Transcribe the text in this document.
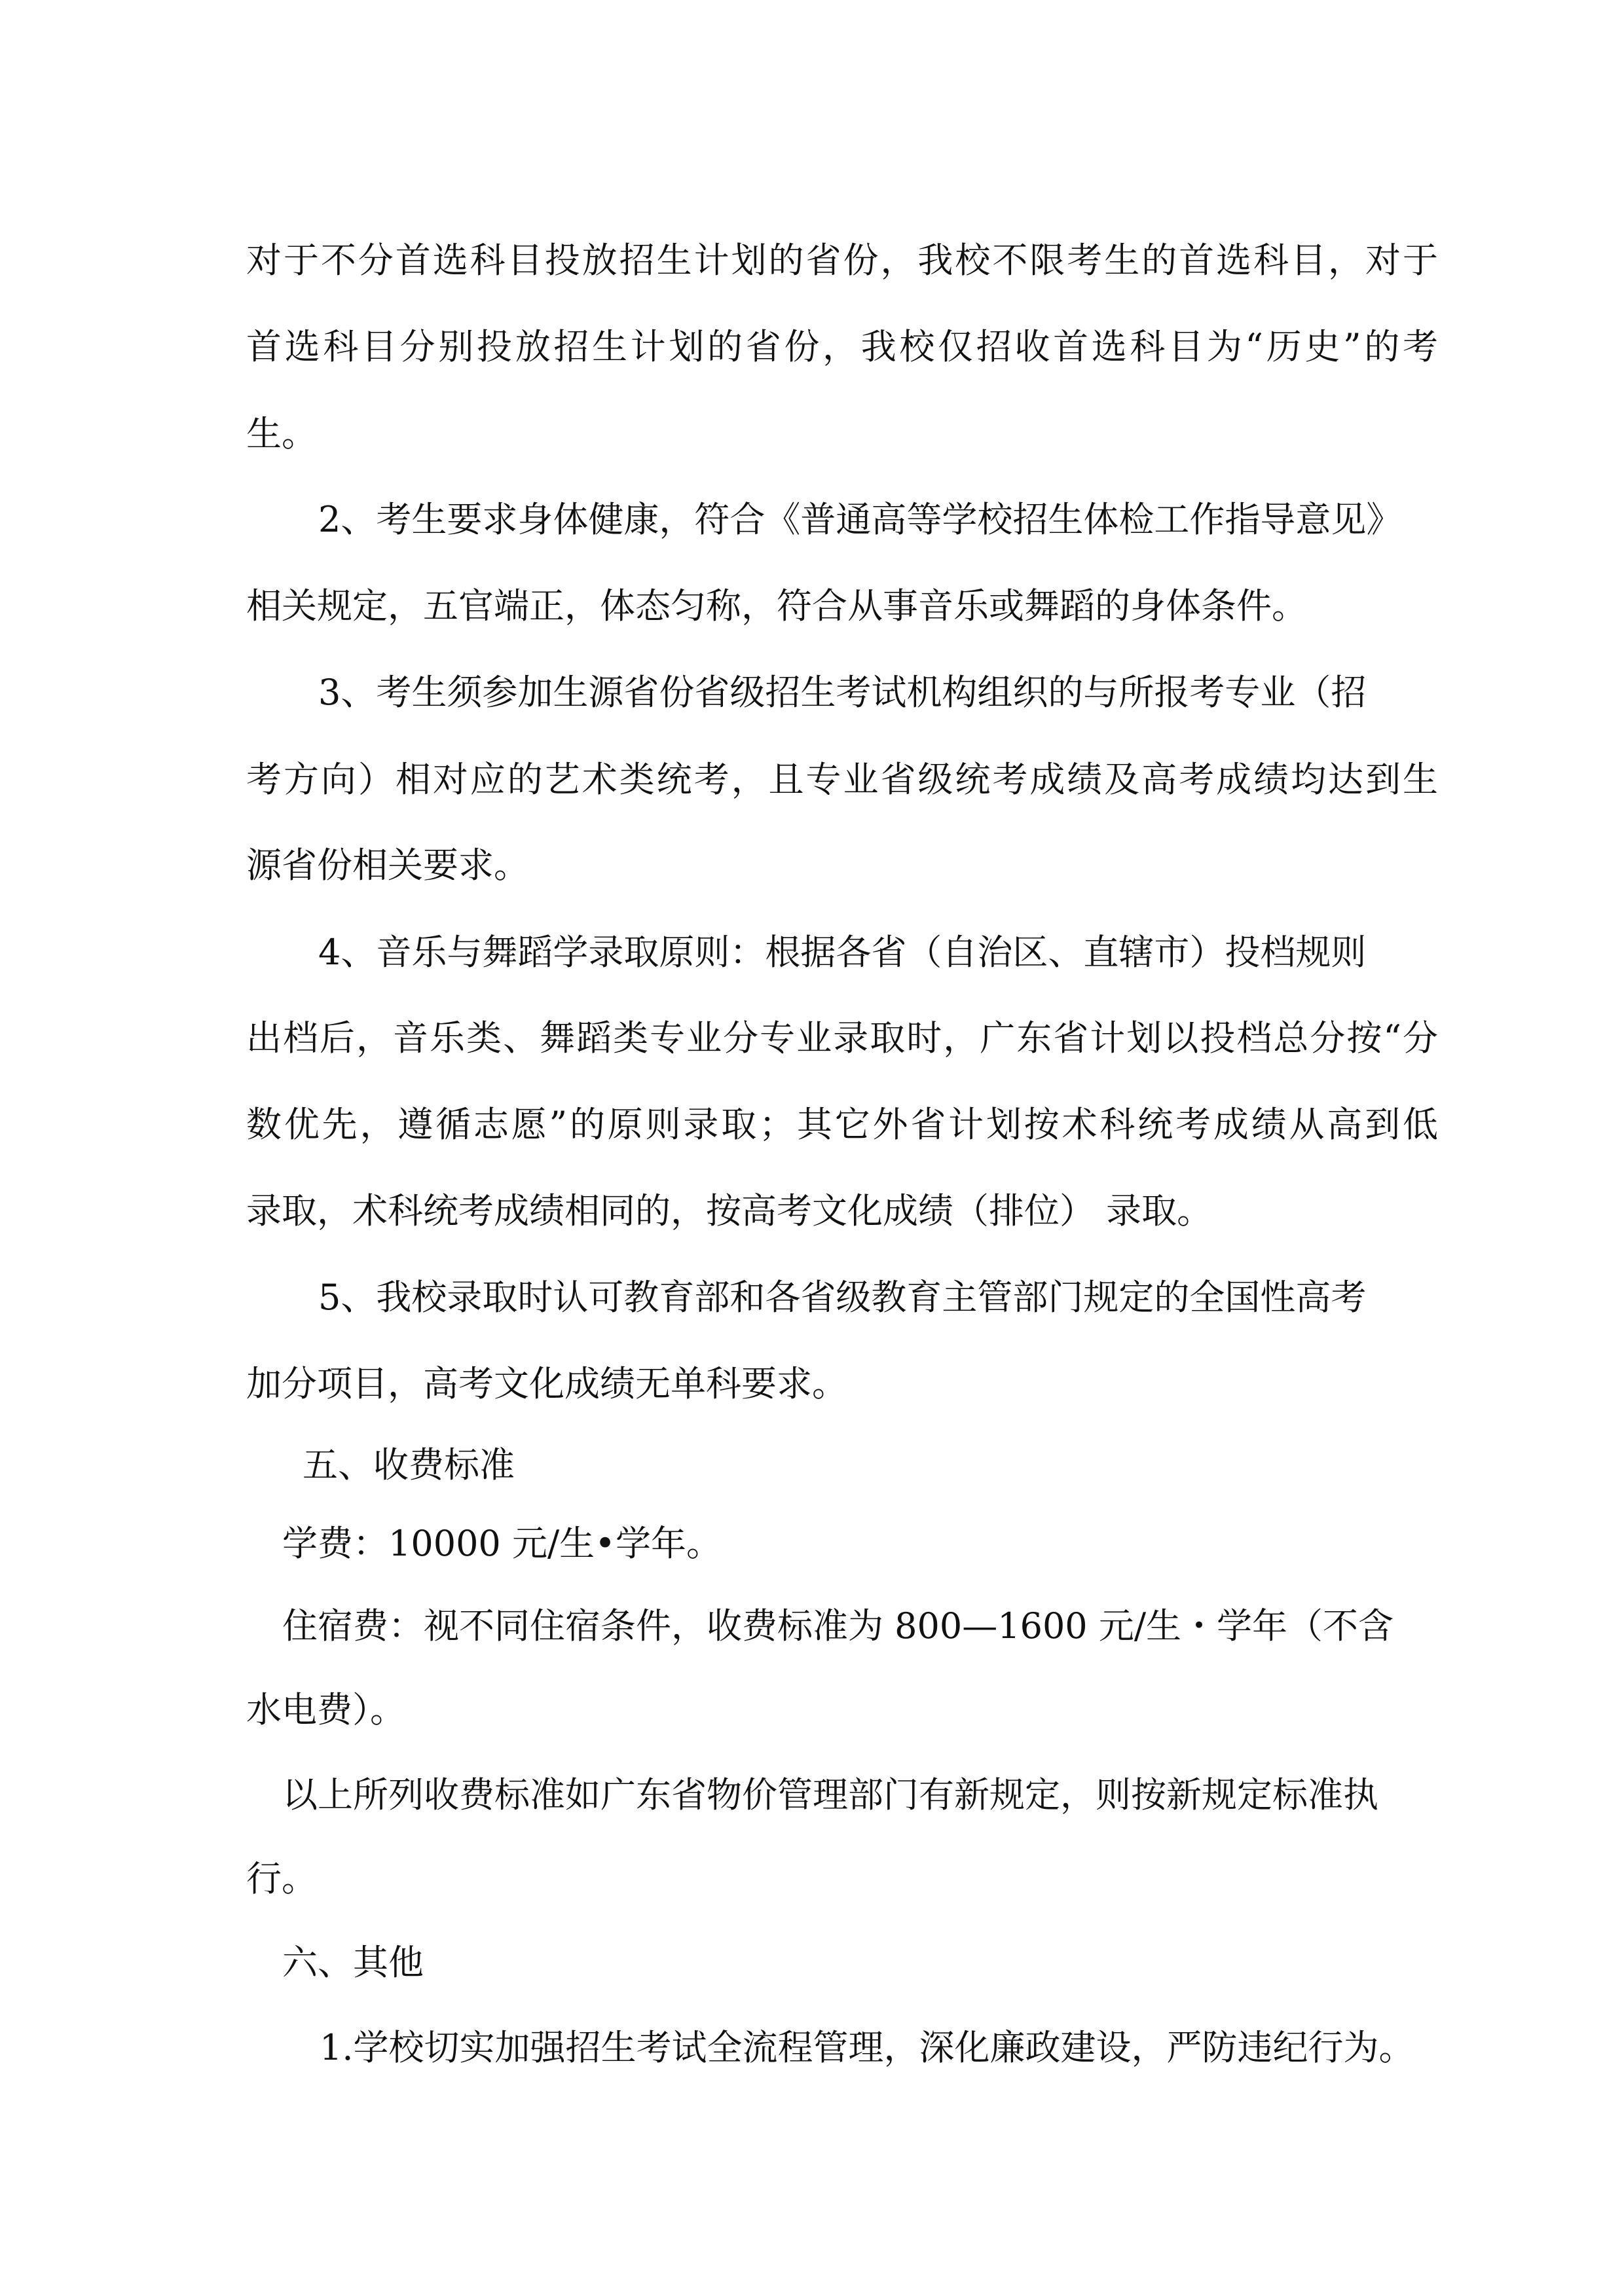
对于不分首选科目投放招生计划的省份，我校不限考生的首选科目，对于
首选科目分别投放招生计划的省份，我校仅招收首选科目为“历史”的考
生。
2、考生要求身体健康，符合《普通高等学校招生体检工作指导意见》
相关规定，五官端正，体态匀称，符合从事音乐或舞蹈的身体条件。
3、考生须参加生源省份省级招生考试机构组织的与所报考专业（招
考方向）相对应的艺术类统考，且专业省级统考成绩及高考成绩均达到生
源省份相关要求。
4、音乐与舞蹈学录取原则：根据各省（自治区、直辖市）投档规则
出档后，音乐类、舞蹈类专业分专业录取时，广东省计划以投档总分按“分
数优先，遵循志愿”的原则录取；其它外省计划按术科统考成绩从高到低
录取，术科统考成绩相同的，按高考文化成绩（排位） 录取。
5、我校录取时认可教育部和各省级教育主管部门规定的全国性高考
加分项目，高考文化成绩无单科要求。
五、收费标准
学费：10000 元/生•学年。
住宿费：视不同住宿条件，收费标准为 800—1600 元/生・学年（不含
水电费）。
以上所列收费标准如广东省物价管理部门有新规定，则按新规定标准执
行。
六、其他
1.学校切实加强招生考试全流程管理，深化廉政建设，严防违纪行为。
